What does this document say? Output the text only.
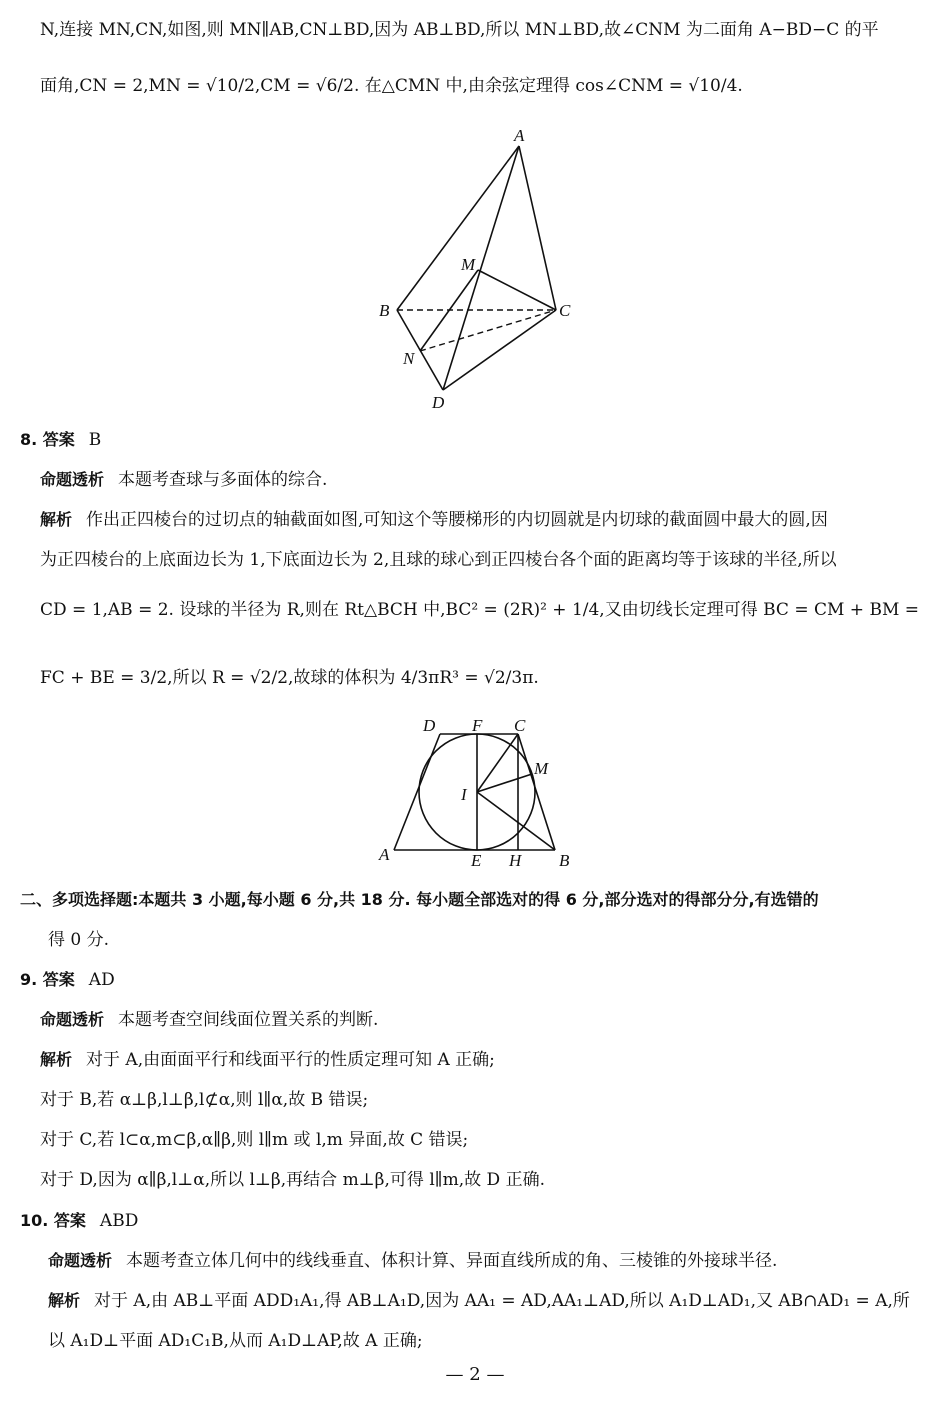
N,连接 MN,CN,如图,则 MN∥AB,CN⊥BD,因为 AB⊥BD,所以 MN⊥BD,故∠CNM 为二面角 A−BD−C 的平
面角,CN = 2,MN = √10/2,CM = √6/2. 在△CMN 中,由余弦定理得 cos∠CNM = √10/4.
A
M
B	C
N
D
8. 答案 B
命题透析 本题考查球与多面体的综合.
解析 作出正四棱台的过切点的轴截面如图,可知这个等腰梯形的内切圆就是内切球的截面圆中最大的圆,因
为正四棱台的上底面边长为 1,下底面边长为 2,且球的球心到正四棱台各个面的距离均等于该球的半径,所以
CD = 1,AB = 2. 设球的半径为 R,则在 Rt△BCH 中,BC² = (2R)² + 1/4,又由切线长定理可得 BC = CM + BM =
FC + BE = 3/2,所以 R = √2/2,故球的体积为 4/3πR³ = √2/3π.
D F C
M
I
A	E H B
二、多项选择题:本题共 3 小题,每小题 6 分,共 18 分. 每小题全部选对的得 6 分,部分选对的得部分分,有选错的
得 0 分.
9. 答案 AD
命题透析 本题考查空间线面位置关系的判断.
解析 对于 A,由面面平行和线面平行的性质定理可知 A 正确;
对于 B,若 α⊥β,l⊥β,l⊄α,则 l∥α,故 B 错误;
对于 C,若 l⊂α,m⊂β,α∥β,则 l∥m 或 l,m 异面,故 C 错误;
对于 D,因为 α∥β,l⊥α,所以 l⊥β,再结合 m⊥β,可得 l∥m,故 D 正确.
10. 答案 ABD
命题透析 本题考查立体几何中的线线垂直、体积计算、异面直线所成的角、三棱锥的外接球半径.
解析 对于 A,由 AB⊥平面 ADD₁A₁,得 AB⊥A₁D,因为 AA₁ = AD,AA₁⊥AD,所以 A₁D⊥AD₁,又 AB∩AD₁ = A,所
以 A₁D⊥平面 AD₁C₁B,从而 A₁D⊥AP,故 A 正确;
— 2 —
